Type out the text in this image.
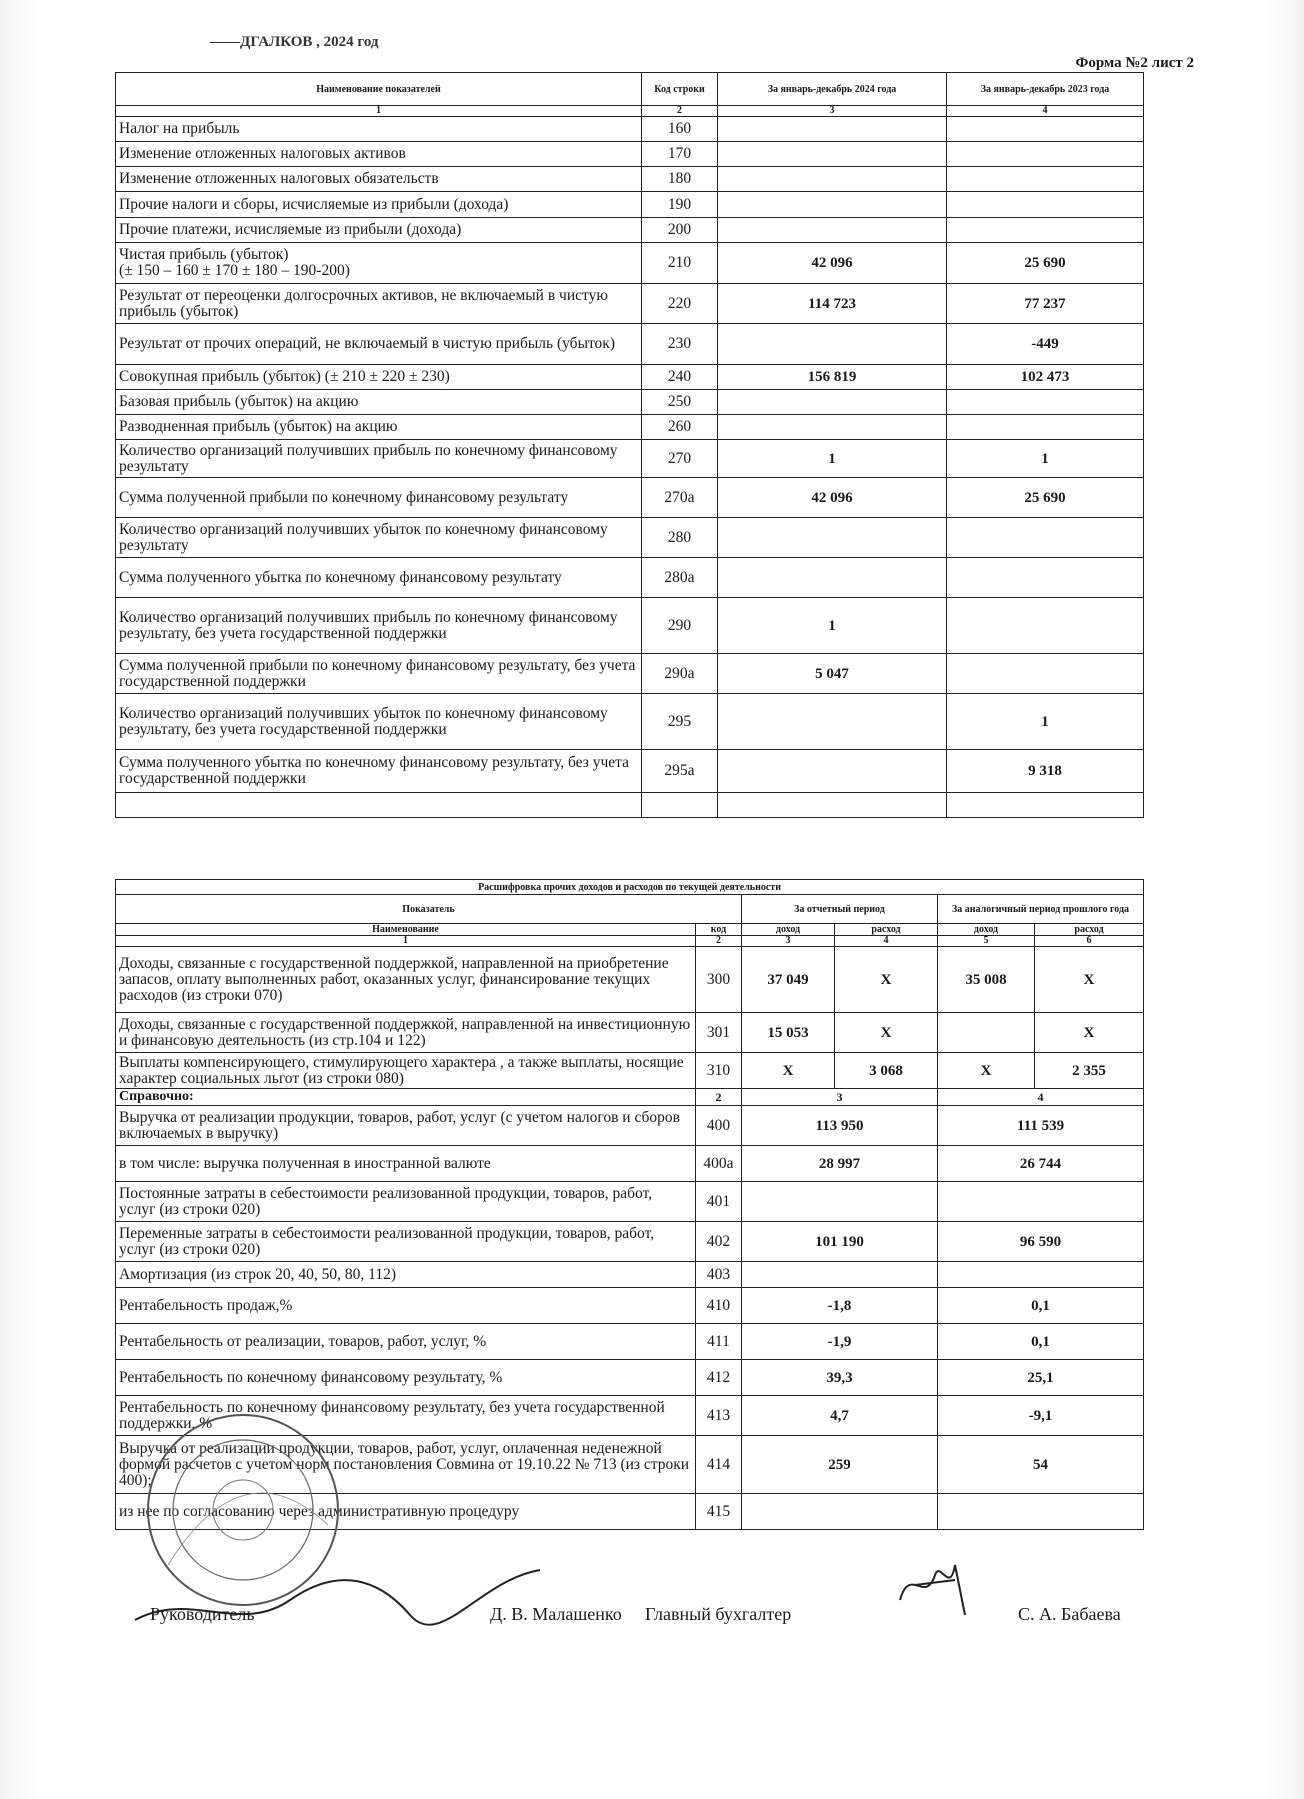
——ДГАЛКОВ , 2024 год
Форма №2 лист 2
Наименование показателей	Код строки	За январь-декабрь 2024 года	За январь-декабрь 2023 года
1	2	3	4
Налог на прибыль	160		
Изменение отложенных налоговых активов	170		
Изменение отложенных налоговых обязательств	180		
Прочие налоги и сборы, исчисляемые из прибыли (дохода)	190		
Прочие платежи, исчисляемые из прибыли (дохода)	200		
Чистая прибыль (убыток)
(± 150 – 160 ± 170 ± 180 – 190-200)	210	42 096	25 690
Результат от переоценки долгосрочных активов, не включаемый в чистую прибыль (убыток)	220	114 723	77 237
Результат от прочих операций, не включаемый в чистую прибыль (убыток)	230		-449
Совокупная прибыль (убыток) (± 210 ± 220 ± 230)	240	156 819	102 473
Базовая прибыль (убыток) на акцию	250		
Разводненная прибыль (убыток) на акцию	260		
Количество организаций получивших прибыль по конечному финансовому результату	270	1	1
Сумма полученной прибыли по конечному финансовому результату	270а	42 096	25 690
Количество организаций получивших убыток по конечному финансовому результату	280		
Сумма полученного убытка по конечному финансовому результату	280а		
Количество организаций получивших прибыль по конечному финансовому результату, без учета государственной поддержки	290	1	
Сумма полученной прибыли по конечному финансовому результату, без учета государственной поддержки	290а	5 047	
Количество организаций получивших убыток по конечному финансовому результату, без учета государственной поддержки	295		1
Сумма полученного убытка по конечному финансовому результату, без учета государственной поддержки	295а		9 318

Расшифровка прочих доходов и расходов по текущей деятельности					
Показатель		За отчетный период		За аналогичный период прошлого года	
Наименование	код	доход	расход	доход	расход
1	2	3	4	5	6
Доходы, связанные с государственной поддержкой, направленной на приобретение запасов, оплату выполненных работ, оказанных услуг, финансирование текущих расходов (из строки 070)	300	37 049	Х	35 008	Х
Доходы, связанные с государственной поддержкой, направленной на инвестиционную и финансовую деятельность (из стр.104 и 122)	301	15 053	Х		Х
Выплаты компенсирующего, стимулирующего характера , а также выплаты, носящие характер социальных льгот (из строки 080)	310	Х	3 068	Х	2 355
Справочно:	2	3		4	
Выручка от реализации продукции, товаров, работ, услуг (с учетом налогов и сборов включаемых в выручку)	400	113 950		111 539	
в том числе: выручка полученная в иностранной валюте	400а	28 997		26 744	
Постоянные затраты в себестоимости реализованной продукции, товаров, работ, услуг (из строки 020)	401				
Переменные затраты в себестоимости реализованной продукции, товаров, работ, услуг (из строки 020)	402	101 190		96 590	
Амортизация (из строк 20, 40, 50, 80, 112)	403				
Рентабельность продаж,%	410	-1,8		0,1	
Рентабельность от реализации, товаров, работ, услуг, %	411	-1,9		0,1	
Рентабельность по конечному финансовому результату, %	412	39,3		25,1	
Рентабельность по конечному финансовому результату, без учета государственной поддержки, %	413	4,7		-9,1	
Выручка от реализации продукции, товаров, работ, услуг, оплаченная неденежной формой расчетов с учетом норм постановления Совмина от 19.10.22 № 713 (из строки 400);	414	259		54	
из нее по согласованию через административную процедуру	415				
Руководитель	Д. В. Малашенко Главный бухгалтер	С. А. Бабаева
